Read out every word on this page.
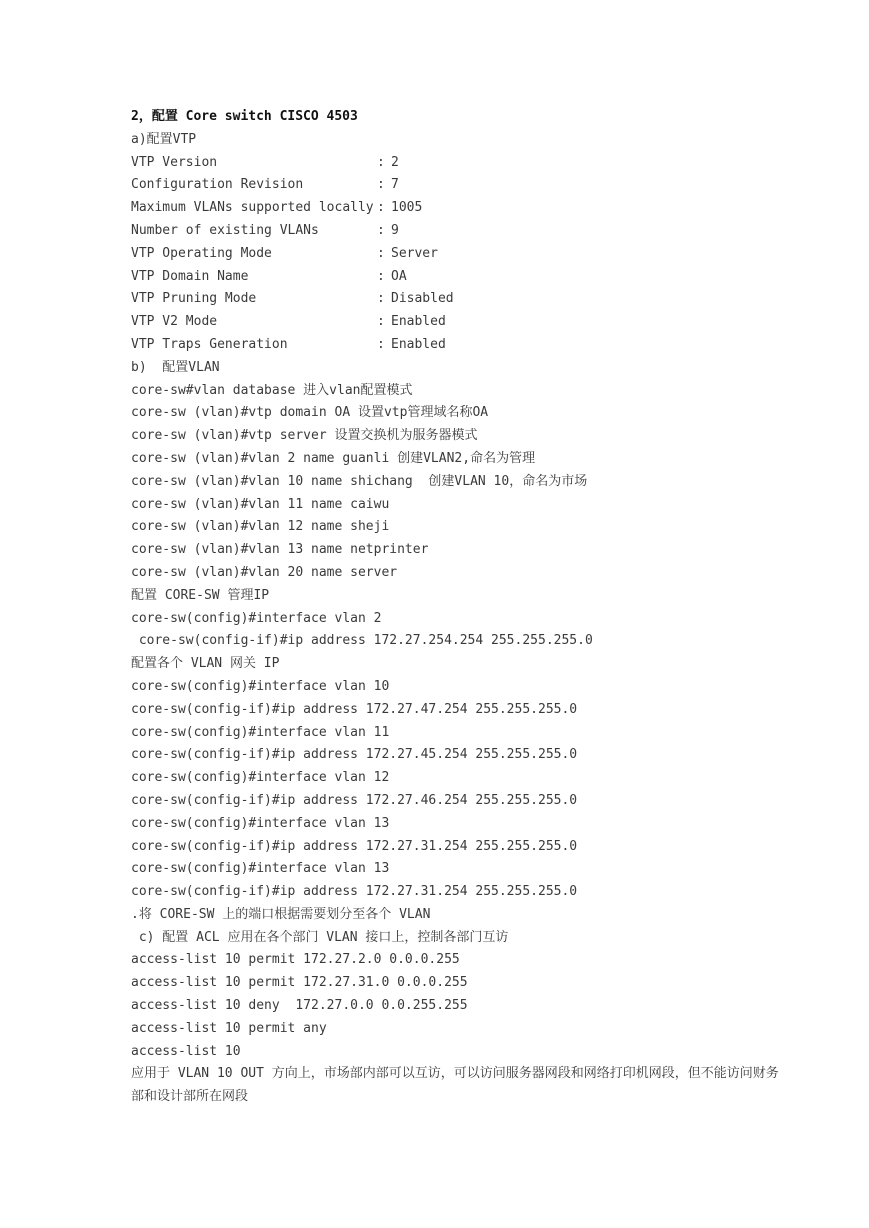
2，配置 Core switch CISCO 4503
a)配置VTP
VTP Version	:
2
Configuration Revision	:
7
Maximum VLANs supported locally :
1005
Number of existing VLANs	:
9
VTP Operating Mode	:
Server
VTP Domain Name	:
OA
VTP Pruning Mode	:
Disabled
VTP V2 Mode	:
Enabled
VTP Traps Generation	:
Enabled
b)  配置VLAN
core-sw#vlan database 进入vlan配置模式
core-sw (vlan)#vtp domain OA 设置vtp管理域名称OA
core-sw (vlan)#vtp server 设置交换机为服务器模式
core-sw (vlan)#vlan 2 name guanli 创建VLAN2,命名为管理
core-sw (vlan)#vlan 10 name shichang  创建VLAN 10，命名为市场
core-sw (vlan)#vlan 11 name caiwu
core-sw (vlan)#vlan 12 name sheji
core-sw (vlan)#vlan 13 name netprinter
core-sw (vlan)#vlan 20 name server
配置 CORE-SW 管理IP
core-sw(config)#interface vlan 2
core-sw(config-if)#ip address 172.27.254.254 255.255.255.0
配置各个 VLAN 网关 IP
core-sw(config)#interface vlan 10
core-sw(config-if)#ip address 172.27.47.254 255.255.255.0
core-sw(config)#interface vlan 11
core-sw(config-if)#ip address 172.27.45.254 255.255.255.0
core-sw(config)#interface vlan 12
core-sw(config-if)#ip address 172.27.46.254 255.255.255.0
core-sw(config)#interface vlan 13
core-sw(config-if)#ip address 172.27.31.254 255.255.255.0
core-sw(config)#interface vlan 13
core-sw(config-if)#ip address 172.27.31.254 255.255.255.0
.将 CORE-SW 上的端口根据需要划分至各个 VLAN
c) 配置 ACL 应用在各个部门 VLAN 接口上，控制各部门互访
access-list 10 permit 172.27.2.0 0.0.0.255
access-list 10 permit 172.27.31.0 0.0.0.255
access-list 10 deny  172.27.0.0 0.0.255.255
access-list 10 permit any
access-list 10
应用于 VLAN 10 OUT 方向上，市场部内部可以互访，可以访问服务器网段和网络打印机网段，但不能访问财务部和设计部所在网段
